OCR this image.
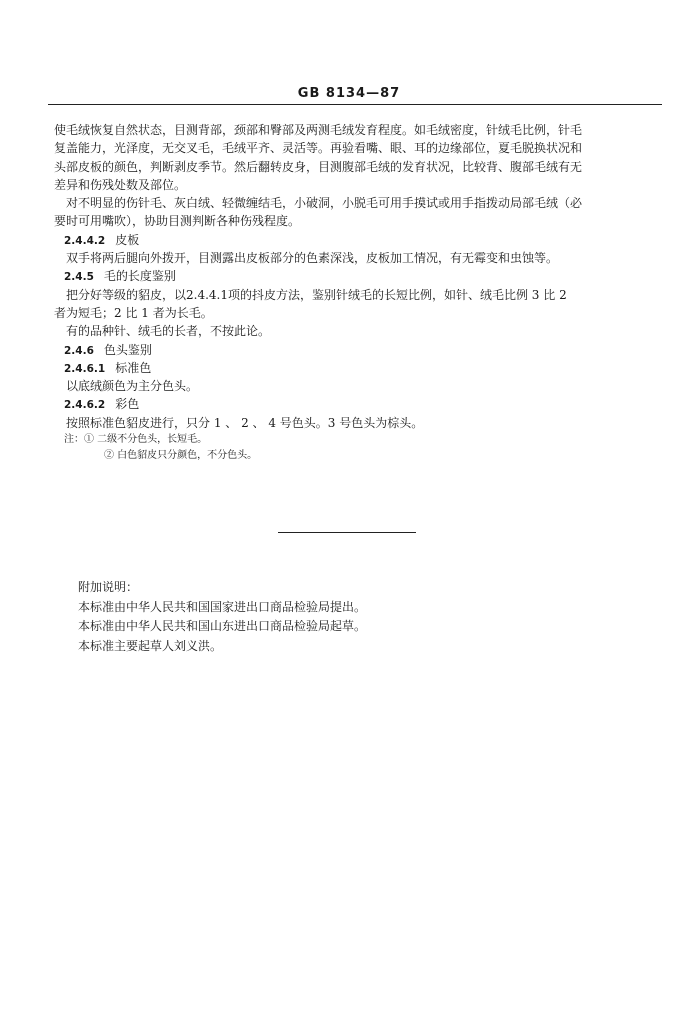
GB 8134—87
使毛绒恢复自然状态，目测背部，颈部和臀部及两测毛绒发育程度。如毛绒密度，针绒毛比例，针毛
复盖能力，光泽度，无交叉毛，毛绒平齐、灵活等。再验看嘴、眼、耳的边缘部位，夏毛脱换状况和
头部皮板的颜色，判断剥皮季节。然后翻转皮身，目测腹部毛绒的发育状况，比较背、腹部毛绒有无
差异和伤残处数及部位。
对不明显的伤针毛、灰白绒、轻微缠结毛，小破洞，小脱毛可用手摸试或用手指拨动局部毛绒（必
要时可用嘴吹），协助目测判断各种伤残程度。
2.4.4.2 皮板
双手将两后腿向外拨开，目测露出皮板部分的色素深浅，皮板加工情况，有无霉变和虫蚀等。
2.4.5 毛的长度鉴别
把分好等级的貂皮，以2.4.4.1项的抖皮方法，鉴别针绒毛的长短比例，如针、绒毛比例 3 比 2
者为短毛；2 比 1 者为长毛。
有的品种针、绒毛的长者，不按此论。
2.4.6 色头鉴别
2.4.6.1 标准色
以底绒颜色为主分色头。
2.4.6.2 彩色
按照标准色貂皮进行，只分 1 、 2 、 4 号色头。3 号色头为棕头。
注：① 二级不分色头，长短毛。
② 白色貂皮只分颜色，不分色头。
附加说明：
本标准由中华人民共和国国家进出口商品检验局提出。
本标准由中华人民共和国山东进出口商品检验局起草。
本标准主要起草人刘义洪。
